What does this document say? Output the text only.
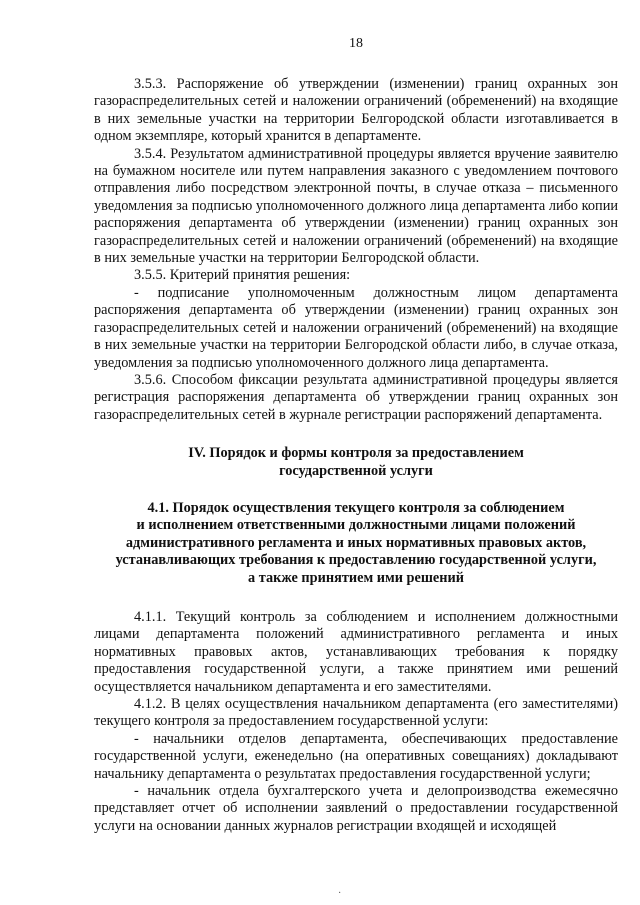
18

3.5.3. Распоряжение об утверждении (изменении) границ охранных зон газораспределительных сетей и наложении ограничений (обременений) на входящие в них земельные участки на территории Белгородской области изготавливается в одном экземпляре, который хранится в департаменте.

3.5.4. Результатом административной процедуры является вручение заявителю на бумажном носителе или путем направления заказного с уведомлением почтового отправления либо посредством электронной почты, в случае отказа – письменного уведомления за подписью уполномоченного должного лица департамента либо копии распоряжения департамента об утверждении (изменении) границ охранных зон газораспределительных сетей и наложении ограничений (обременений) на входящие в них земельные участки на территории Белгородской области.

3.5.5. Критерий принятия решения:

- подписание уполномоченным должностным лицом департамента распоряжения департамента об утверждении (изменении) границ охранных зон газораспределительных сетей и наложении ограничений (обременений) на входящие в них земельные участки на территории Белгородской области либо, в случае отказа, уведомления за подписью уполномоченного должного лица департамента.

3.5.6. Способом фиксации результата административной процедуры является регистрация распоряжения департамента об утверждении границ охранных зон газораспределительных сетей в журнале регистрации распоряжений департамента.

IV. Порядок и формы контроля за предоставлением

государственной услуги

4.1. Порядок осуществления текущего контроля за соблюдением

и исполнением ответственными должностными лицами положений

административного регламента и иных нормативных правовых актов,

устанавливающих требования к предоставлению государственной услуги,

а также принятием ими решений

4.1.1. Текущий контроль за соблюдением и исполнением должностными лицами департамента положений административного регламента и иных нормативных правовых актов, устанавливающих требования к порядку предоставления государственной услуги, а также принятием ими решений осуществляется начальником департамента и его заместителями.

4.1.2. В целях осуществления начальником департамента (его заместителями) текущего контроля за предоставлением государственной услуги:

- начальники отделов департамента, обеспечивающих предоставление государственной услуги, еженедельно (на оперативных совещаниях) докладывают начальнику департамента о результатах предоставления государственной услуги;

- начальник отдела бухгалтерского учета и делопроизводства ежемесячно представляет отчет об исполнении заявлений о предоставлении государственной услуги на основании данных журналов регистрации входящей и исходящей

·
